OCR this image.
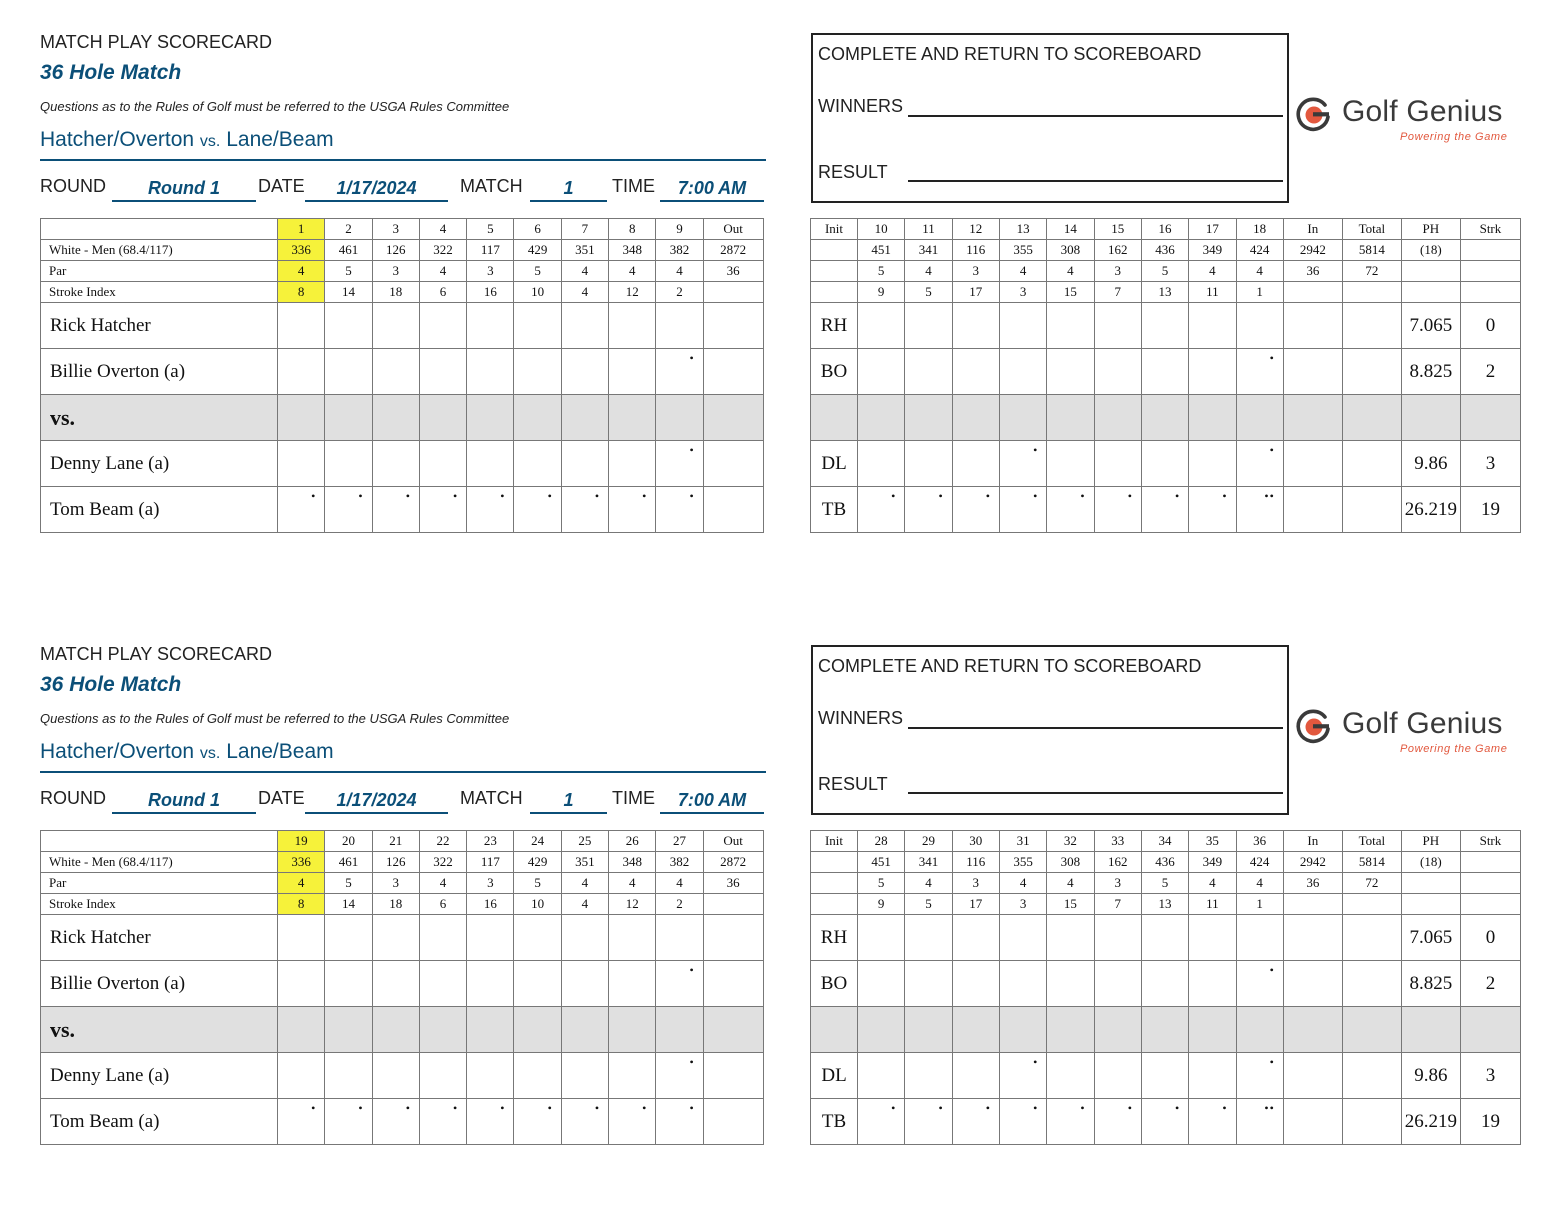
MATCH PLAY SCORECARD
36 Hole Match
Questions as to the Rules of Golf must be referred to the USGA Rules Committee
Hatcher/Overton vs. Lane/Beam
ROUND	Round 1	DATE	1/17/2024	MATCH	1	TIME	7:00 AM
COMPLETE AND RETURN TO SCOREBOARD
WINNERS
RESULT
Golf Genius
Powering the Game
	1	2	3	4	5	6	7	8	9	Out
White - Men (68.4/117)	336	461	126	322	117	429	351	348	382	2872
Par	4	5	3	4	3	5	4	4	4	36
Stroke Index	8	14	18	6	16	10	4	12	2	
Rick Hatcher										
Billie Overton (a)									•	

vs.										
Denny Lane (a)									•	

Tom Beam (a)	•	•	•	•	•	•	•	•	•	

Init	10	11	12	13	14	15	16	17	18	In	Total	PH	Strk
	451	341	116	355	308	162	436	349	424	2942	5814	(18)	
	5	4	3	4	4	3	5	4	4	36	72		
	9	5	17	3	15	7	13	11	1				
RH												7.065	0
BO									•			8.825	2

DL				•					•			9.86	3
TB	•	•	•	•	•	•	•	•	••			26.219	19
MATCH PLAY SCORECARD
36 Hole Match
Questions as to the Rules of Golf must be referred to the USGA Rules Committee
Hatcher/Overton vs. Lane/Beam
ROUND	Round 1	DATE	1/17/2024	MATCH	1	TIME	7:00 AM
COMPLETE AND RETURN TO SCOREBOARD
WINNERS
RESULT
Golf Genius
Powering the Game
	19	20	21	22	23	24	25	26	27	Out
White - Men (68.4/117)	336	461	126	322	117	429	351	348	382	2872
Par	4	5	3	4	3	5	4	4	4	36
Stroke Index	8	14	18	6	16	10	4	12	2	
Rick Hatcher										
Billie Overton (a)									•	

vs.										
Denny Lane (a)									•	

Tom Beam (a)	•	•	•	•	•	•	•	•	•	

Init	28	29	30	31	32	33	34	35	36	In	Total	PH	Strk
	451	341	116	355	308	162	436	349	424	2942	5814	(18)	
	5	4	3	4	4	3	5	4	4	36	72		
	9	5	17	3	15	7	13	11	1				
RH												7.065	0
BO									•			8.825	2

DL				•					•			9.86	3
TB	•	•	•	•	•	•	•	•	••			26.219	19
